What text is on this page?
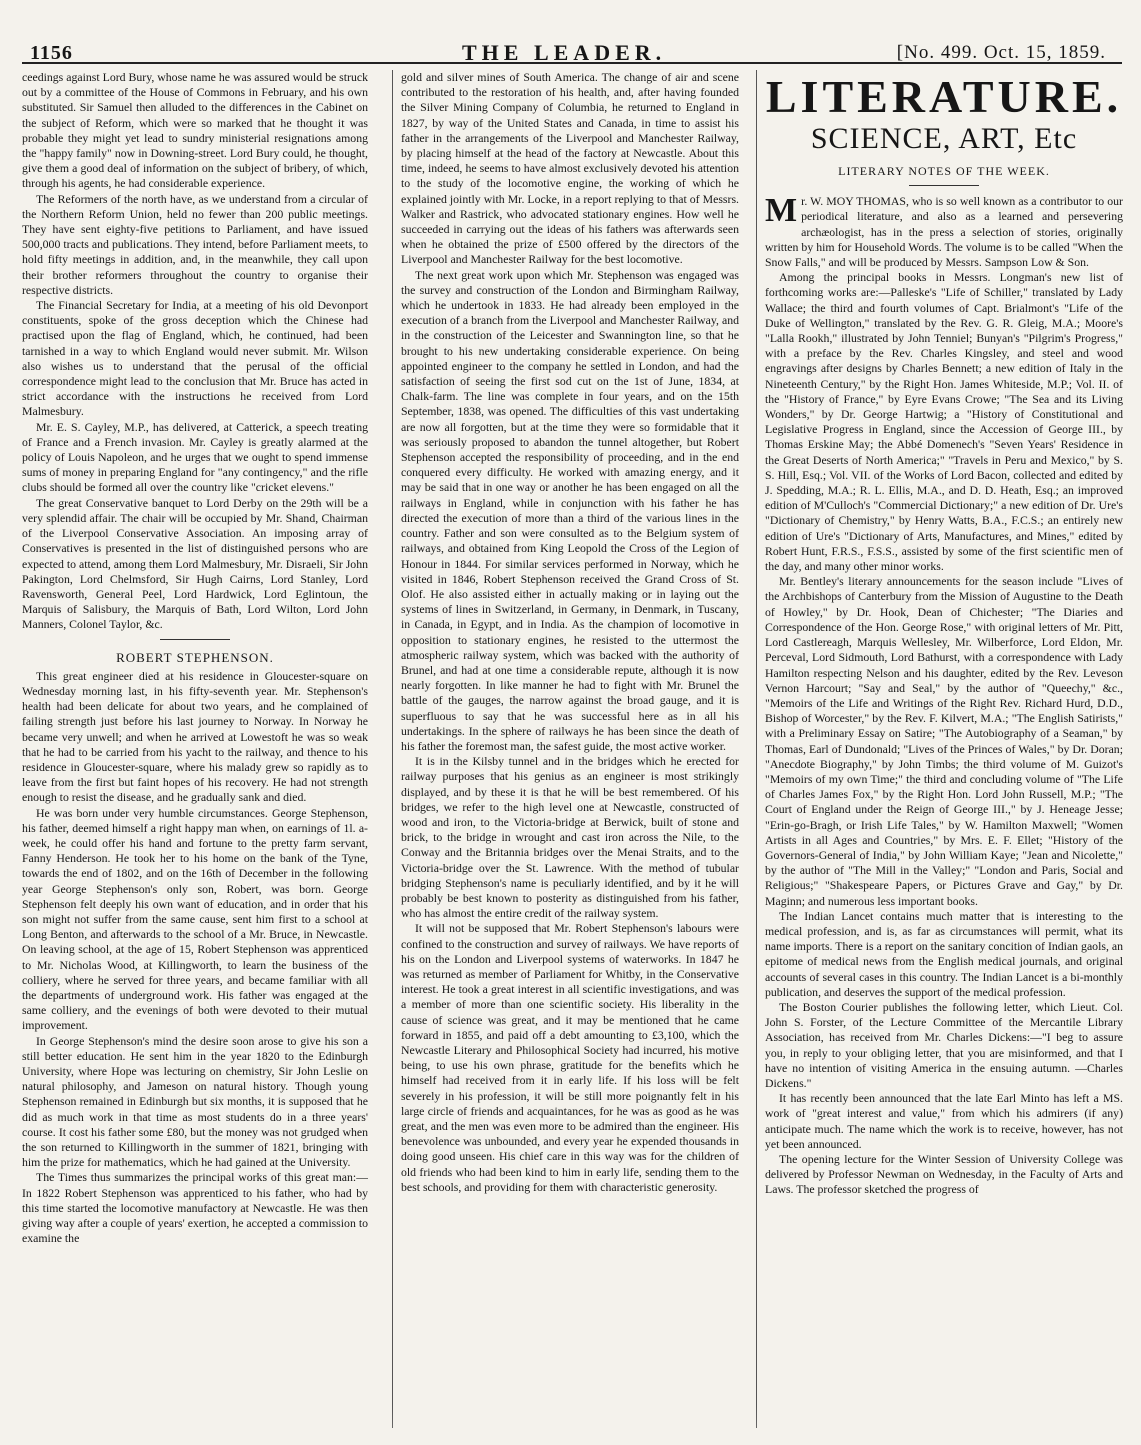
1156	THE LEADER.	[No. 499. Oct. 15, 1859.

ceedings against Lord Bury, whose name he was assured would be struck out by a committee of the House of Commons in February, and his own substituted. Sir Samuel then alluded to the differences in the Cabinet on the subject of Reform, which were so marked that he thought it was probable they might yet lead to sundry ministerial resignations among the "happy family" now in Downing-street. Lord Bury could, he thought, give them a good deal of information on the subject of bribery, of which, through his agents, he had considerable experience.

The Reformers of the north have, as we understand from a circular of the Northern Reform Union, held no fewer than 200 public meetings. They have sent eighty-five petitions to Parliament, and have issued 500,000 tracts and publications. They intend, before Parliament meets, to hold fifty meetings in addition, and, in the meanwhile, they call upon their brother reformers throughout the country to organise their respective districts.

The Financial Secretary for India, at a meeting of his old Devonport constituents, spoke of the gross deception which the Chinese had practised upon the flag of England, which, he continued, had been tarnished in a way to which England would never submit. Mr. Wilson also wishes us to understand that the perusal of the official correspondence might lead to the conclusion that Mr. Bruce has acted in strict accordance with the instructions he received from Lord Malmesbury.

Mr. E. S. Cayley, M.P., has delivered, at Catterick, a speech treating of France and a French invasion. Mr. Cayley is greatly alarmed at the policy of Louis Napoleon, and he urges that we ought to spend immense sums of money in preparing England for "any contingency," and the rifle clubs should be formed all over the country like "cricket elevens."

The great Conservative banquet to Lord Derby on the 29th will be a very splendid affair. The chair will be occupied by Mr. Shand, Chairman of the Liverpool Conservative Association. An imposing array of Conservatives is presented in the list of distinguished persons who are expected to attend, among them Lord Malmesbury, Mr. Disraeli, Sir John Pakington, Lord Chelmsford, Sir Hugh Cairns, Lord Stanley, Lord Ravensworth, General Peel, Lord Hardwick, Lord Eglintoun, the Marquis of Salisbury, the Marquis of Bath, Lord Wilton, Lord John Manners, Colonel Taylor, &c.

ROBERT STEPHENSON.

This great engineer died at his residence in Gloucester-square on Wednesday morning last, in his fifty-seventh year. Mr. Stephenson's health had been delicate for about two years, and he complained of failing strength just before his last journey to Norway. In Norway he became very unwell; and when he arrived at Lowestoft he was so weak that he had to be carried from his yacht to the railway, and thence to his residence in Gloucester-square, where his malady grew so rapidly as to leave from the first but faint hopes of his recovery. He had not strength enough to resist the disease, and he gradually sank and died.

He was born under very humble circumstances. George Stephenson, his father, deemed himself a right happy man when, on earnings of 1l. a-week, he could offer his hand and fortune to the pretty farm servant, Fanny Henderson. He took her to his home on the bank of the Tyne, towards the end of 1802, and on the 16th of December in the following year George Stephenson's only son, Robert, was born. George Stephenson felt deeply his own want of education, and in order that his son might not suffer from the same cause, sent him first to a school at Long Benton, and afterwards to the school of a Mr. Bruce, in Newcastle. On leaving school, at the age of 15, Robert Stephenson was apprenticed to Mr. Nicholas Wood, at Killingworth, to learn the business of the colliery, where he served for three years, and became familiar with all the departments of underground work. His father was engaged at the same colliery, and the evenings of both were devoted to their mutual improvement.

In George Stephenson's mind the desire soon arose to give his son a still better education. He sent him in the year 1820 to the Edinburgh University, where Hope was lecturing on chemistry, Sir John Leslie on natural philosophy, and Jameson on natural history. Though young Stephenson remained in Edinburgh but six months, it is supposed that he did as much work in that time as most students do in a three years' course. It cost his father some £80, but the money was not grudged when the son returned to Killingworth in the summer of 1821, bringing with him the prize for mathematics, which he had gained at the University.

The Times thus summarizes the principal works of this great man:—In 1822 Robert Stephenson was apprenticed to his father, who had by this time started the locomotive manufactory at Newcastle. He was then giving way after a couple of years' exertion, he accepted a commission to examine the

gold and silver mines of South America. The change of air and scene contributed to the restoration of his health, and, after having founded the Silver Mining Company of Columbia, he returned to England in 1827, by way of the United States and Canada, in time to assist his father in the arrangements of the Liverpool and Manchester Railway, by placing himself at the head of the factory at Newcastle. About this time, indeed, he seems to have almost exclusively devoted his attention to the study of the locomotive engine, the working of which he explained jointly with Mr. Locke, in a report replying to that of Messrs. Walker and Rastrick, who advocated stationary engines. How well he succeeded in carrying out the ideas of his fathers was afterwards seen when he obtained the prize of £500 offered by the directors of the Liverpool and Manchester Railway for the best locomotive.

The next great work upon which Mr. Stephenson was engaged was the survey and construction of the London and Birmingham Railway, which he undertook in 1833. He had already been employed in the execution of a branch from the Liverpool and Manchester Railway, and in the construction of the Leicester and Swannington line, so that he brought to his new undertaking considerable experience. On being appointed engineer to the company he settled in London, and had the satisfaction of seeing the first sod cut on the 1st of June, 1834, at Chalk-farm. The line was complete in four years, and on the 15th September, 1838, was opened. The difficulties of this vast undertaking are now all forgotten, but at the time they were so formidable that it was seriously proposed to abandon the tunnel altogether, but Robert Stephenson accepted the responsibility of proceeding, and in the end conquered every difficulty. He worked with amazing energy, and it may be said that in one way or another he has been engaged on all the railways in England, while in conjunction with his father he has directed the execution of more than a third of the various lines in the country. Father and son were consulted as to the Belgium system of railways, and obtained from King Leopold the Cross of the Legion of Honour in 1844. For similar services performed in Norway, which he visited in 1846, Robert Stephenson received the Grand Cross of St. Olof. He also assisted either in actually making or in laying out the systems of lines in Switzerland, in Germany, in Denmark, in Tuscany, in Canada, in Egypt, and in India. As the champion of locomotive in opposition to stationary engines, he resisted to the uttermost the atmospheric railway system, which was backed with the authority of Brunel, and had at one time a considerable repute, although it is now nearly forgotten. In like manner he had to fight with Mr. Brunel the battle of the gauges, the narrow against the broad gauge, and it is superfluous to say that he was successful here as in all his undertakings. In the sphere of railways he has been since the death of his father the foremost man, the safest guide, the most active worker.

It is in the Kilsby tunnel and in the bridges which he erected for railway purposes that his genius as an engineer is most strikingly displayed, and by these it is that he will be best remembered. Of his bridges, we refer to the high level one at Newcastle, constructed of wood and iron, to the Victoria-bridge at Berwick, built of stone and brick, to the bridge in wrought and cast iron across the Nile, to the Conway and the Britannia bridges over the Menai Straits, and to the Victoria-bridge over the St. Lawrence. With the method of tubular bridging Stephenson's name is peculiarly identified, and by it he will probably be best known to posterity as distinguished from his father, who has almost the entire credit of the railway system.

It will not be supposed that Mr. Robert Stephenson's labours were confined to the construction and survey of railways. We have reports of his on the London and Liverpool systems of waterworks. In 1847 he was returned as member of Parliament for Whitby, in the Conservative interest. He took a great interest in all scientific investigations, and was a member of more than one scientific society. His liberality in the cause of science was great, and it may be mentioned that he came forward in 1855, and paid off a debt amounting to £3,100, which the Newcastle Literary and Philosophical Society had incurred, his motive being, to use his own phrase, gratitude for the benefits which he himself had received from it in early life. If his loss will be felt severely in his profession, it will be still more poignantly felt in his large circle of friends and acquaintances, for he was as good as he was great, and the men was even more to be admired than the engineer. His benevolence was unbounded, and every year he expended thousands in doing good unseen. His chief care in this way was for the children of old friends who had been kind to him in early life, sending them to the best schools, and providing for them with characteristic generosity.

LITERATURE.
SCIENCE, ART, Etc
LITERARY NOTES OF THE WEEK.

Mr. W. MOY THOMAS, who is so well known as a contributor to our periodical literature, and also as a learned and persevering archæologist, has in the press a selection of stories, originally written by him for Household Words. The volume is to be called "When the Snow Falls," and will be produced by Messrs. Sampson Low & Son.

Among the principal books in Messrs. Longman's new list of forthcoming works are:—Palleske's "Life of Schiller," translated by Lady Wallace; the third and fourth volumes of Capt. Brialmont's "Life of the Duke of Wellington," translated by the Rev. G. R. Gleig, M.A.; Moore's "Lalla Rookh," illustrated by John Tenniel; Bunyan's "Pilgrim's Progress," with a preface by the Rev. Charles Kingsley, and steel and wood engravings after designs by Charles Bennett; a new edition of Italy in the Nineteenth Century," by the Right Hon. James Whiteside, M.P.; Vol. II. of the "History of France," by Eyre Evans Crowe; "The Sea and its Living Wonders," by Dr. George Hartwig; a "History of Constitutional and Legislative Progress in England, since the Accession of George III., by Thomas Erskine May; the Abbé Domenech's "Seven Years' Residence in the Great Deserts of North America;" "Travels in Peru and Mexico," by S. S. Hill, Esq.; Vol. VII. of the Works of Lord Bacon, collected and edited by J. Spedding, M.A.; R. L. Ellis, M.A., and D. D. Heath, Esq.; an improved edition of M'Culloch's "Commercial Dictionary;" a new edition of Dr. Ure's "Dictionary of Chemistry," by Henry Watts, B.A., F.C.S.; an entirely new edition of Ure's "Dictionary of Arts, Manufactures, and Mines," edited by Robert Hunt, F.R.S., F.S.S., assisted by some of the first scientific men of the day, and many other minor works.

Mr. Bentley's literary announcements for the season include "Lives of the Archbishops of Canterbury from the Mission of Augustine to the Death of Howley," by Dr. Hook, Dean of Chichester; "The Diaries and Correspondence of the Hon. George Rose," with original letters of Mr. Pitt, Lord Castlereagh, Marquis Wellesley, Mr. Wilberforce, Lord Eldon, Mr. Perceval, Lord Sidmouth, Lord Bathurst, with a correspondence with Lady Hamilton respecting Nelson and his daughter, edited by the Rev. Leveson Vernon Harcourt; "Say and Seal," by the author of "Queechy," &c., "Memoirs of the Life and Writings of the Right Rev. Richard Hurd, D.D., Bishop of Worcester," by the Rev. F. Kilvert, M.A.; "The English Satirists," with a Preliminary Essay on Satire; "The Autobiography of a Seaman," by Thomas, Earl of Dundonald; "Lives of the Princes of Wales," by Dr. Doran; "Anecdote Biography," by John Timbs; the third volume of M. Guizot's "Memoirs of my own Time;" the third and concluding volume of "The Life of Charles James Fox," by the Right Hon. Lord John Russell, M.P.; "The Court of England under the Reign of George III.," by J. Heneage Jesse; "Erin-go-Bragh, or Irish Life Tales," by W. Hamilton Maxwell; "Women Artists in all Ages and Countries," by Mrs. E. F. Ellet; "History of the Governors-General of India," by John William Kaye; "Jean and Nicolette," by the author of "The Mill in the Valley;" "London and Paris, Social and Religious;" "Shakespeare Papers, or Pictures Grave and Gay," by Dr. Maginn; and numerous less important books.

The Indian Lancet contains much matter that is interesting to the medical profession, and is, as far as circumstances will permit, what its name imports. There is a report on the sanitary concition of Indian gaols, an epitome of medical news from the English medical journals, and original accounts of several cases in this country. The Indian Lancet is a bi-monthly publication, and deserves the support of the medical profession.

The Boston Courier publishes the following letter, which Lieut. Col. John S. Forster, of the Lecture Committee of the Mercantile Library Association, has received from Mr. Charles Dickens:—"I beg to assure you, in reply to your obliging letter, that you are misinformed, and that I have no intention of visiting America in the ensuing autumn. —Charles Dickens."

It has recently been announced that the late Earl Minto has left a MS. work of "great interest and value," from which his admirers (if any) anticipate much. The name which the work is to receive, however, has not yet been announced.

The opening lecture for the Winter Session of University College was delivered by Professor Newman on Wednesday, in the Faculty of Arts and Laws. The professor sketched the progress of
